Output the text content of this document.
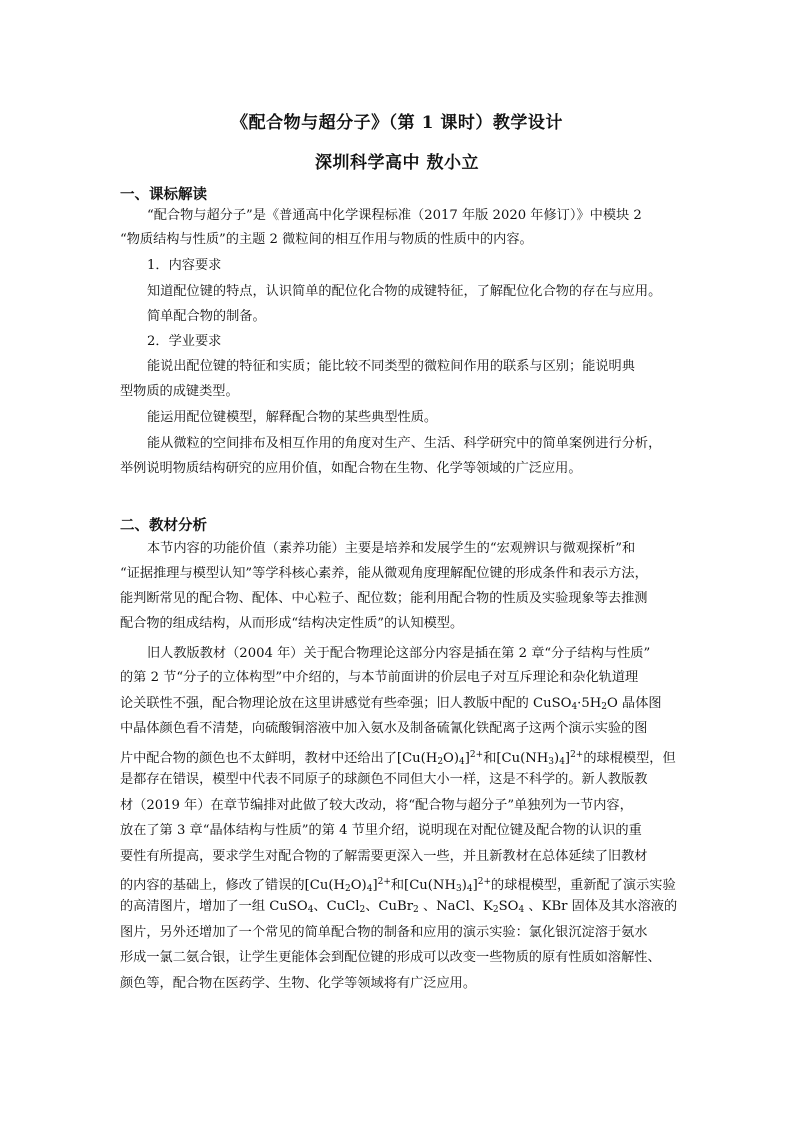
《配合物与超分子》（第 1 课时）教学设计
深圳科学高中 敖小立
一、课标解读
“配合物与超分子”是《普通高中化学课程标准（2017 年版 2020 年修订）》中模块 2
“物质结构与性质”的主题 2 微粒间的相互作用与物质的性质中的内容。
1．内容要求
知道配位键的特点，认识简单的配位化合物的成键特征，了解配位化合物的存在与应用。
简单配合物的制备。
2．学业要求
能说出配位键的特征和实质；能比较不同类型的微粒间作用的联系与区别；能说明典
型物质的成键类型。
能运用配位键模型，解释配合物的某些典型性质。
能从微粒的空间排布及相互作用的角度对生产、生活、科学研究中的简单案例进行分析，
举例说明物质结构研究的应用价值，如配合物在生物、化学等领域的广泛应用。
二、教材分析
本节内容的功能价值（素养功能）主要是培养和发展学生的“宏观辨识与微观探析”和
“证据推理与模型认知”等学科核心素养，能从微观角度理解配位键的形成条件和表示方法，
能判断常见的配合物、配体、中心粒子、配位数；能利用配合物的性质及实验现象等去推测
配合物的组成结构，从而形成“结构决定性质”的认知模型。
旧人教版教材（2004 年）关于配合物理论这部分内容是插在第 2 章“分子结构与性质”
的第 2 节“分子的立体构型”中介绍的，与本节前面讲的价层电子对互斥理论和杂化轨道理
论关联性不强，配合物理论放在这里讲感觉有些牵强；旧人教版中配的 $CuSO_4\cdot 5H_2O$ 晶体图
中晶体颜色看不清楚，向硫酸铜溶液中加入氨水及制备硫氰化铁配离子这两个演示实验的图
片中配合物的颜色也不太鲜明，教材中还给出了$[Cu(H_2O)_4]^{2+}$和$[Cu(NH_3)_4]^{2+}$的球棍模型，但
是都存在错误，模型中代表不同原子的球颜色不同但大小一样，这是不科学的。新人教版教
材（2019 年）在章节编排对此做了较大改动，将“配合物与超分子”单独列为一节内容，
放在了第 3 章“晶体结构与性质”的第 4 节里介绍，说明现在对配位键及配合物的认识的重
要性有所提高，要求学生对配合物的了解需要更深入一些，并且新教材在总体延续了旧教材
的内容的基础上，修改了错误的$[Cu(H_2O)_4]^{2+}$和$[Cu(NH_3)_4]^{2+}$的球棍模型，重新配了演示实验
的高清图片，增加了一组 CuSO$_4$、CuCl$_2$、CuBr$_2$ 、NaCl、$K_2SO_4$ 、KBr 固体及其水溶液的
图片，另外还增加了一个常见的简单配合物的制备和应用的演示实验：氯化银沉淀溶于氨水
形成一氯二氨合银，让学生更能体会到配位键的形成可以改变一些物质的原有性质如溶解性、
颜色等，配合物在医药学、生物、化学等领域将有广泛应用。
